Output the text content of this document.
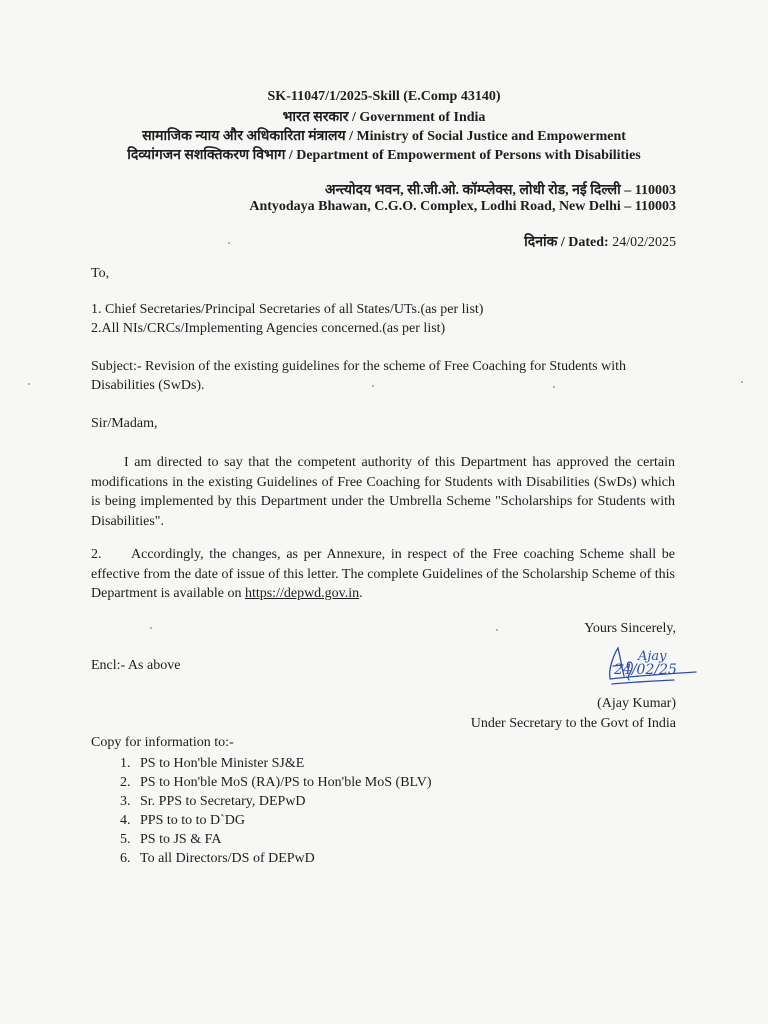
SK-11047/1/2025-Skill (E.Comp 43140)
भारत सरकार / Government of India
सामाजिक न्याय और अधिकारिता मंत्रालय / Ministry of Social Justice and Empowerment
दिव्यांगजन सशक्तिकरण विभाग / Department of Empowerment of Persons with Disabilities
अन्त्योदय भवन, सी.जी.ओ. कॉम्प्लेक्स, लोधी रोड, नई दिल्ली – 110003
Antyodaya Bhawan, C.G.O. Complex, Lodhi Road, New Delhi – 110003
दिनांक / Dated: 24/02/2025
To,
1. Chief Secretaries/Principal Secretaries of all States/UTs.(as per list)
2.All NIs/CRCs/Implementing Agencies concerned.(as per list)
Subject:- Revision of the existing guidelines for the scheme of Free Coaching for Students with
Disabilities (SwDs).
Sir/Madam,
I am directed to say that the competent authority of this Department has approved the certain modifications in the existing Guidelines of Free Coaching for Students with Disabilities (SwDs) which is being implemented by this Department under the Umbrella Scheme "Scholarships for Students with Disabilities".
2. Accordingly, the changes, as per Annexure, in respect of the Free coaching Scheme shall be effective from the date of issue of this letter. The complete Guidelines of the Scholarship Scheme of this Department is available on https://depwd.gov.in.
Yours Sincerely,
Encl:- As above
Ajay
24/02/25
(Ajay Kumar)
Under Secretary to the Govt of India
Copy for information to:-
1. PS to Hon'ble Minister SJ&E
2. PS to Hon'ble MoS (RA)/PS to Hon'ble MoS (BLV)
3. Sr. PPS to Secretary, DEPwD
4. PPS to to to D`DG
5. PS to JS & FA
6. To all Directors/DS of DEPwD
